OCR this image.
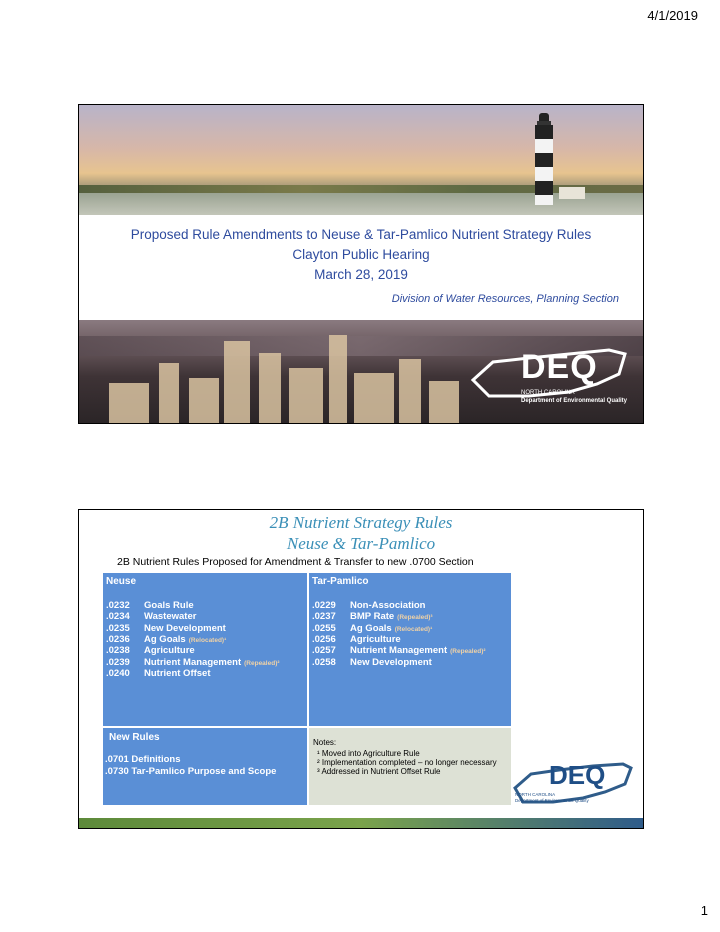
4/1/2019
Proposed Rule Amendments to Neuse & Tar-Pamlico Nutrient Strategy Rules
Clayton Public Hearing
March 28, 2019
Division of Water Resources, Planning Section
DEQ
NORTH CAROLINA
Department of Environmental Quality
2B Nutrient Strategy Rules
Neuse & Tar-Pamlico
2B Nutrient Rules Proposed for Amendment & Transfer to new .0700 Section
Neuse
.0232 Goals Rule
.0234 Wastewater
.0235 New Development
.0236 Ag Goals (Relocated)¹
.0238 Agriculture
.0239 Nutrient Management (Repealed)²
.0240 Nutrient Offset
Tar-Pamlico
.0229 Non-Association
.0237 BMP Rate (Repealed)³
.0255 Ag Goals (Relocated)¹
.0256 Agriculture
.0257 Nutrient Management (Repealed)²
.0258 New Development
New Rules
.0701 Definitions
.0730 Tar-Pamlico Purpose and Scope
Notes:
¹ Moved into Agriculture Rule
² Implementation completed – no longer necessary
³ Addressed in Nutrient Offset Rule	DEQ
NORTH CAROLINA
Department of Environmental Quality
1
